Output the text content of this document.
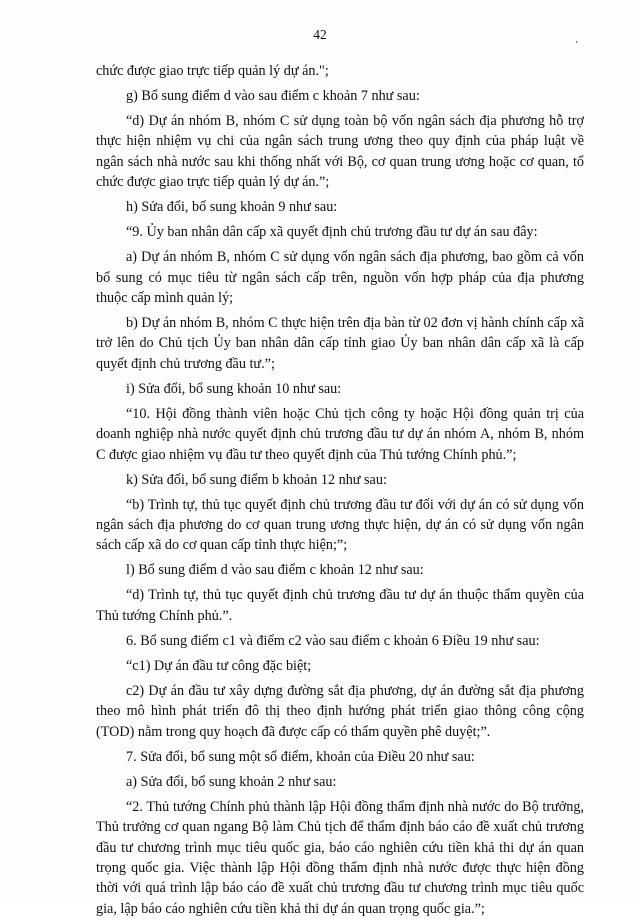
42	,

chức được giao trực tiếp quản lý dự án.";

g) Bổ sung điểm d vào sau điểm c khoản 7 như sau:

“d) Dự án nhóm B, nhóm C sử dụng toàn bộ vốn ngân sách địa phương hỗ trợ thực hiện nhiệm vụ chi của ngân sách trung ương theo quy định của pháp luật về ngân sách nhà nước sau khi thống nhất với Bộ, cơ quan trung ương hoặc cơ quan, tổ chức được giao trực tiếp quản lý dự án.”;

h) Sửa đổi, bổ sung khoản 9 như sau:

“9. Ủy ban nhân dân cấp xã quyết định chủ trương đầu tư dự án sau đây:

a) Dự án nhóm B, nhóm C sử dụng vốn ngân sách địa phương, bao gồm cả vốn bổ sung có mục tiêu từ ngân sách cấp trên, nguồn vốn hợp pháp của địa phương thuộc cấp mình quản lý;

b) Dự án nhóm B, nhóm C thực hiện trên địa bàn từ 02 đơn vị hành chính cấp xã trở lên do Chủ tịch Ủy ban nhân dân cấp tỉnh giao Ủy ban nhân dân cấp xã là cấp quyết định chủ trương đầu tư.”;

i) Sửa đổi, bổ sung khoản 10 như sau:

“10. Hội đồng thành viên hoặc Chủ tịch công ty hoặc Hội đồng quản trị của doanh nghiệp nhà nước quyết định chủ trương đầu tư dự án nhóm A, nhóm B, nhóm C được giao nhiệm vụ đầu tư theo quyết định của Thủ tướng Chính phủ.”;

k) Sửa đổi, bổ sung điểm b khoản 12 như sau:

“b) Trình tự, thủ tục quyết định chủ trương đầu tư đối với dự án có sử dụng vốn ngân sách địa phương do cơ quan trung ương thực hiện, dự án có sử dụng vốn ngân sách cấp xã do cơ quan cấp tỉnh thực hiện;”;

l) Bổ sung điểm d vào sau điểm c khoản 12 như sau:

“d) Trình tự, thủ tục quyết định chủ trương đầu tư dự án thuộc thẩm quyền của Thủ tướng Chính phủ.”.

6. Bổ sung điểm c1 và điểm c2 vào sau điểm c khoản 6 Điều 19 như sau:

“c1) Dự án đầu tư công đặc biệt;

c2) Dự án đầu tư xây dựng đường sắt địa phương, dự án đường sắt địa phương theo mô hình phát triển đô thị theo định hướng phát triển giao thông công cộng (TOD) nằm trong quy hoạch đã được cấp có thẩm quyền phê duyệt;”.

7. Sửa đổi, bổ sung một số điểm, khoản của Điều 20 như sau:

a) Sửa đổi, bổ sung khoản 2 như sau:

“2. Thủ tướng Chính phủ thành lập Hội đồng thẩm định nhà nước do Bộ trưởng, Thủ trưởng cơ quan ngang Bộ làm Chủ tịch để thẩm định báo cáo đề xuất chủ trương đầu tư chương trình mục tiêu quốc gia, báo cáo nghiên cứu tiền khả thi dự án quan trọng quốc gia. Việc thành lập Hội đồng thẩm định nhà nước được thực hiện đồng thời với quá trình lập báo cáo đề xuất chủ trương đầu tư chương trình mục tiêu quốc gia, lập báo cáo nghiên cứu tiền khả thi dự án quan trọng quốc gia.”;
